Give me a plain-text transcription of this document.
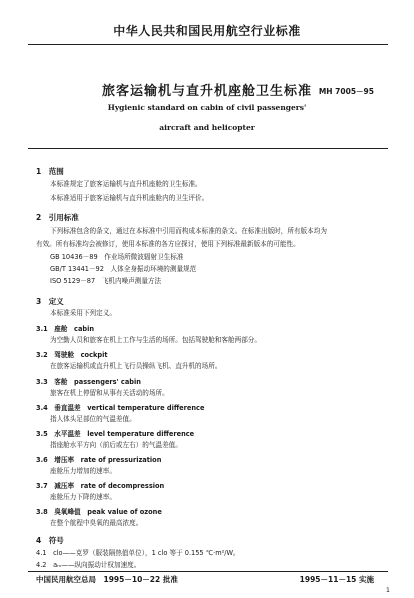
中华人民共和国民用航空行业标准
旅客运输机与直升机座舱卫生标准 MH 7005－95
Hygienic standard on cabin of civil passengers'
aircraft and helicopter
1　范围
本标准规定了旅客运输机与直升机座舱的卫生标准。
本标准适用于旅客运输机与直升机座舱内的卫生评价。
2　引用标准
下列标准包含的条文，通过在本标准中引用而构成本标准的条文。在标准出版时，所有版本均为
有效。所有标准均会被修订，使用本标准的各方应探讨，使用下列标准最新版本的可能性。
GB 10436－89　作业场所微波辐射卫生标准
GB/T 13441－92　人体全身振动环境的测量规范
ISO 5129－87　飞机内噪声测量方法
3　定义
本标准采用下列定义。
3.1　座舱　cabin
为空勤人员和旅客在机上工作与生活的场所。包括驾驶舱和客舱两部分。
3.2　驾驶舱　cockpit
在旅客运输机或直升机上飞行员操纵飞机、直升机的场所。
3.3　客舱　passengers' cabin
旅客在机上停留和从事有关活动的场所。
3.4　垂直温差　vertical temperature difference
指人体头足部位的气温差值。
3.5　水平温差　level temperature difference
指座舱水平方向（前后或左右）的气温差值。
3.6　增压率　rate of pressurization
座舱压力增加的速率。
3.7　减压率　rate of decompression
座舱压力下降的速率。
3.8　臭氧峰值　peak value of ozone
在整个航程中臭氧的最高浓度。
4　符号
4.1　clo——克罗（服装隔热值单位），1 clo 等于 0.155 ℃·m²/W。
4.2　aₘ——纵向振动计权加速度。
中国民用航空总局　1995－10－22 批准	1995－11－15 实施
1
